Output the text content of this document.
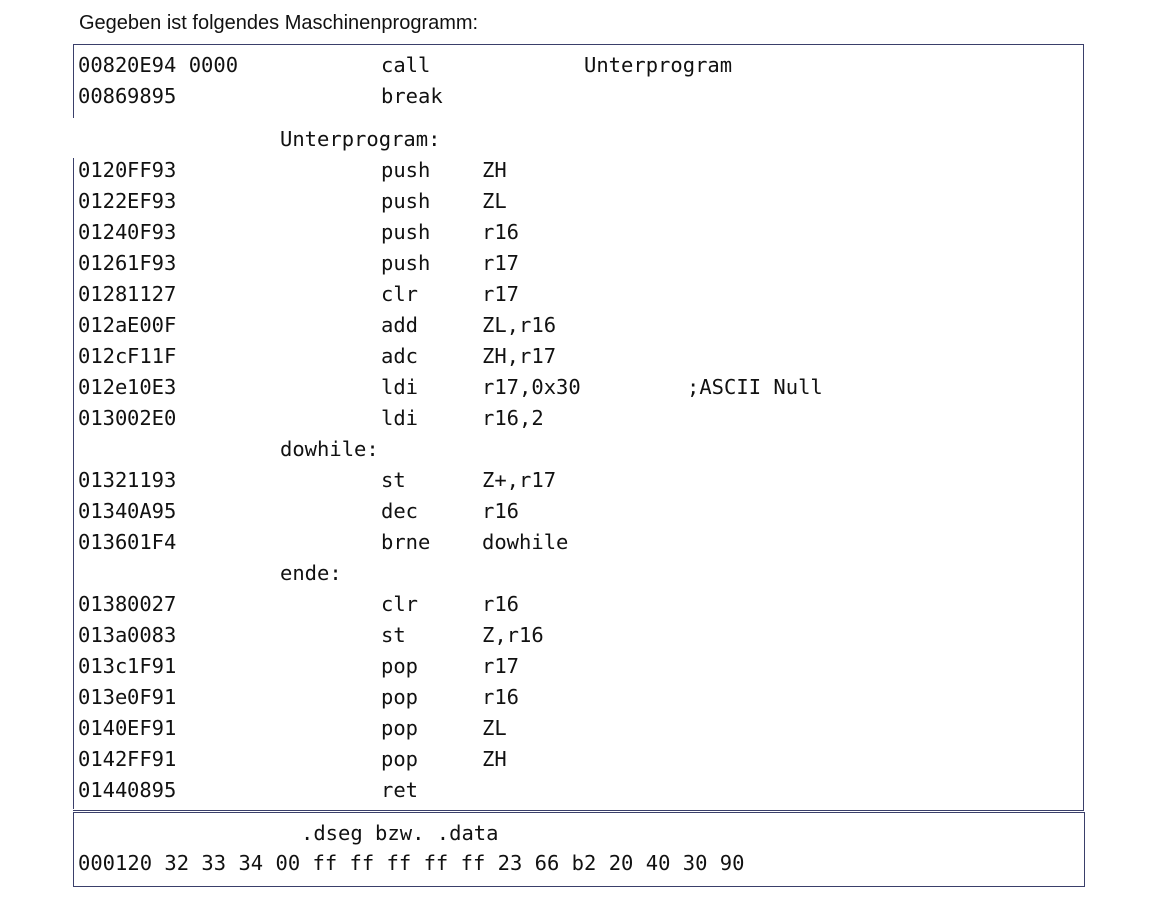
Gegeben ist folgendes Maschinenprogramm:
0082 0E94 0000	call	Unterprogram
0086 9895	break
Unterprogram:
0120 FF93	push	ZH
0122 EF93	push	ZL
0124 0F93	push	r16
0126 1F93	push	r17
0128 1127	clr	r17
012a E00F	add	ZL,r16
012c F11F	adc	ZH,r17
012e 10E3	ldi	r17,0x30	;ASCII Null
0130 02E0	ldi	r16,2
dowhile:
0132 1193	st	Z+,r17
0134 0A95	dec	r16
0136 01F4	brne	dowhile
ende:
0138 0027	clr	r16
013a 0083	st	Z,r16
013c 1F91	pop	r17
013e 0F91	pop	r16
0140 EF91	pop	ZL
0142 FF91	pop	ZH
0144 0895	ret
.dseg bzw. .data
000120 32 33 34 00 ff ff ff ff ff 23 66 b2 20 40 30 90
